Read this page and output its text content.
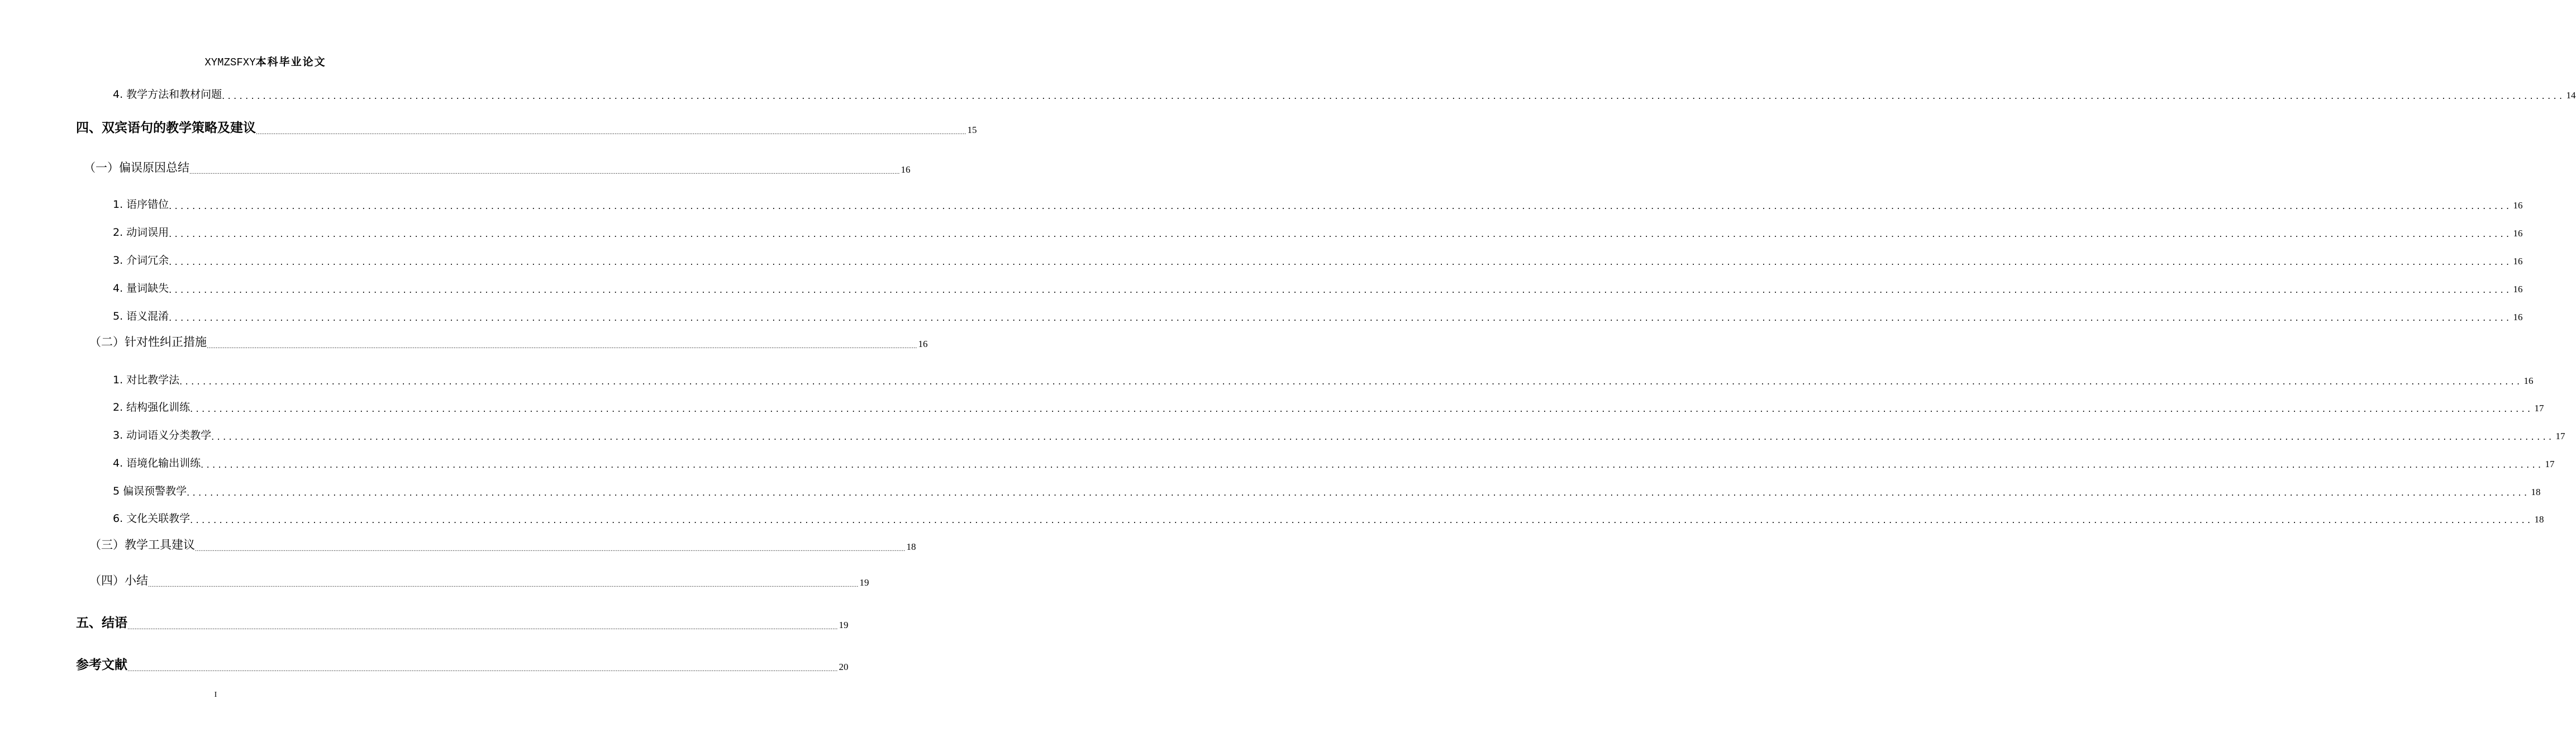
XYMZSFXY本科毕业论文
4. 教学方法和教材问题 ................................................................................................................................................................................................................................................................................................................................................................................................................ 14
四、双宾语句的教学策略及建议 ................................................................................................................................................................................................................................................................................................................................................................................................................ 15
（一）偏误原因总结 ................................................................................................................................................................................................................................................................................................................................................................................................................ 16
1. 语序错位 ................................................................................................................................................................................................................................................................................................................................................................................................................ 16
2. 动词误用 ................................................................................................................................................................................................................................................................................................................................................................................................................ 16
3. 介词冗余 ................................................................................................................................................................................................................................................................................................................................................................................................................ 16
4. 量词缺失 ................................................................................................................................................................................................................................................................................................................................................................................................................ 16
5. 语义混淆 ................................................................................................................................................................................................................................................................................................................................................................................................................ 16
（二）针对性纠正措施 ................................................................................................................................................................................................................................................................................................................................................................................................................ 16
1. 对比教学法 ................................................................................................................................................................................................................................................................................................................................................................................................................ 16
2. 结构强化训练 ................................................................................................................................................................................................................................................................................................................................................................................................................ 17
3. 动词语义分类教学 ................................................................................................................................................................................................................................................................................................................................................................................................................ 17
4. 语境化输出训练 ................................................................................................................................................................................................................................................................................................................................................................................................................ 17
5 偏误预警教学 ................................................................................................................................................................................................................................................................................................................................................................................................................ 18
6. 文化关联教学 ................................................................................................................................................................................................................................................................................................................................................................................................................ 18
（三）教学工具建议 ................................................................................................................................................................................................................................................................................................................................................................................................................ 18
（四）小结 ................................................................................................................................................................................................................................................................................................................................................................................................................ 19
五、结语 ................................................................................................................................................................................................................................................................................................................................................................................................................ 19
参考文献 ................................................................................................................................................................................................................................................................................................................................................................................................................ 20
I
